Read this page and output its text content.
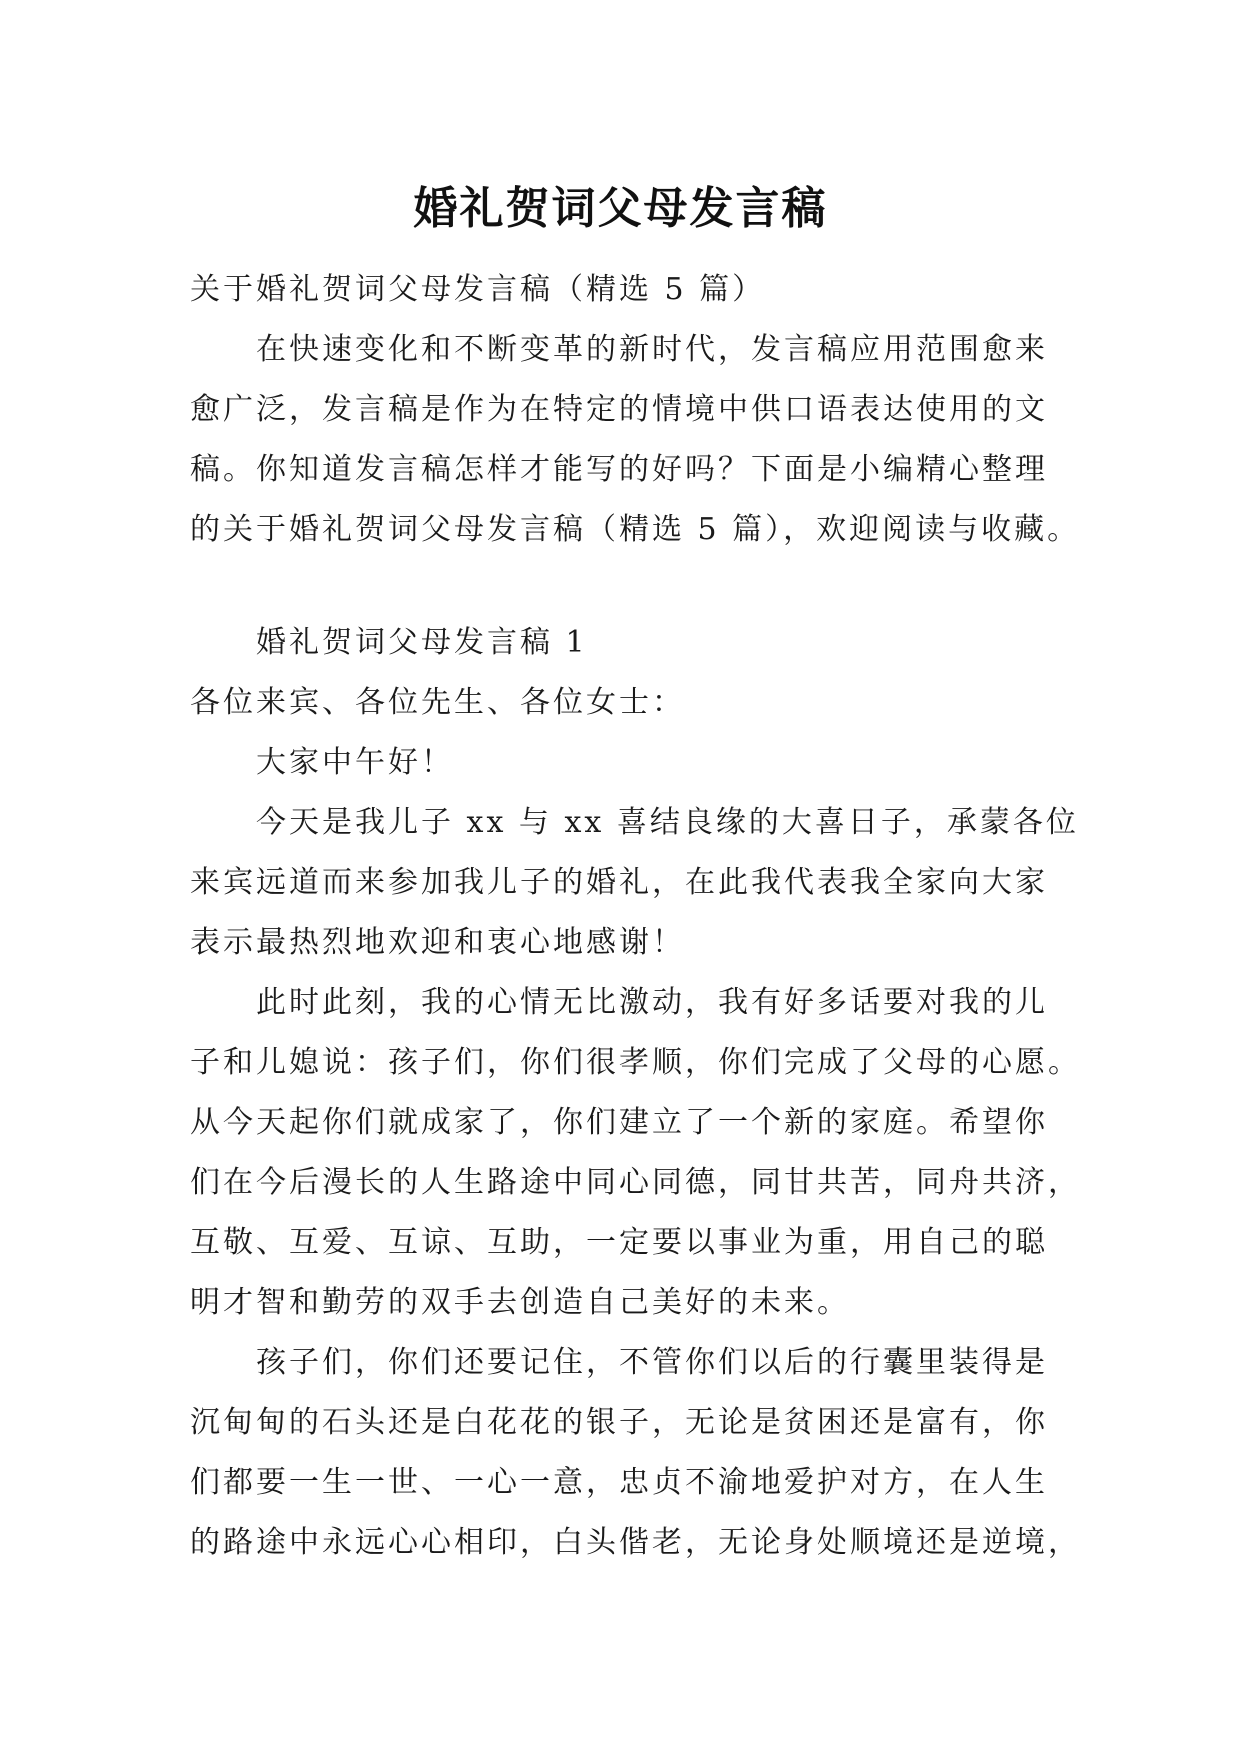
婚礼贺词父母发言稿

关于婚礼贺词父母发言稿（精选 5 篇）

在快速变化和不断变革的新时代，发言稿应用范围愈来

愈广泛，发言稿是作为在特定的情境中供口语表达使用的文

稿。你知道发言稿怎样才能写的好吗？下面是小编精心整理

的关于婚礼贺词父母发言稿（精选 5 篇），欢迎阅读与收藏。

婚礼贺词父母发言稿 1

各位来宾、各位先生、各位女士：

大家中午好！

今天是我儿子 xx 与 xx 喜结良缘的大喜日子，承蒙各位

来宾远道而来参加我儿子的婚礼，在此我代表我全家向大家

表示最热烈地欢迎和衷心地感谢！

此时此刻，我的心情无比激动，我有好多话要对我的儿

子和儿媳说：孩子们，你们很孝顺，你们完成了父母的心愿。

从今天起你们就成家了，你们建立了一个新的家庭。希望你

们在今后漫长的人生路途中同心同德，同甘共苦，同舟共济，

互敬、互爱、互谅、互助，一定要以事业为重，用自己的聪

明才智和勤劳的双手去创造自己美好的未来。

孩子们，你们还要记住，不管你们以后的行囊里装得是

沉甸甸的石头还是白花花的银子，无论是贫困还是富有，你

们都要一生一世、一心一意，忠贞不渝地爱护对方，在人生

的路途中永远心心相印，白头偕老，无论身处顺境还是逆境，
